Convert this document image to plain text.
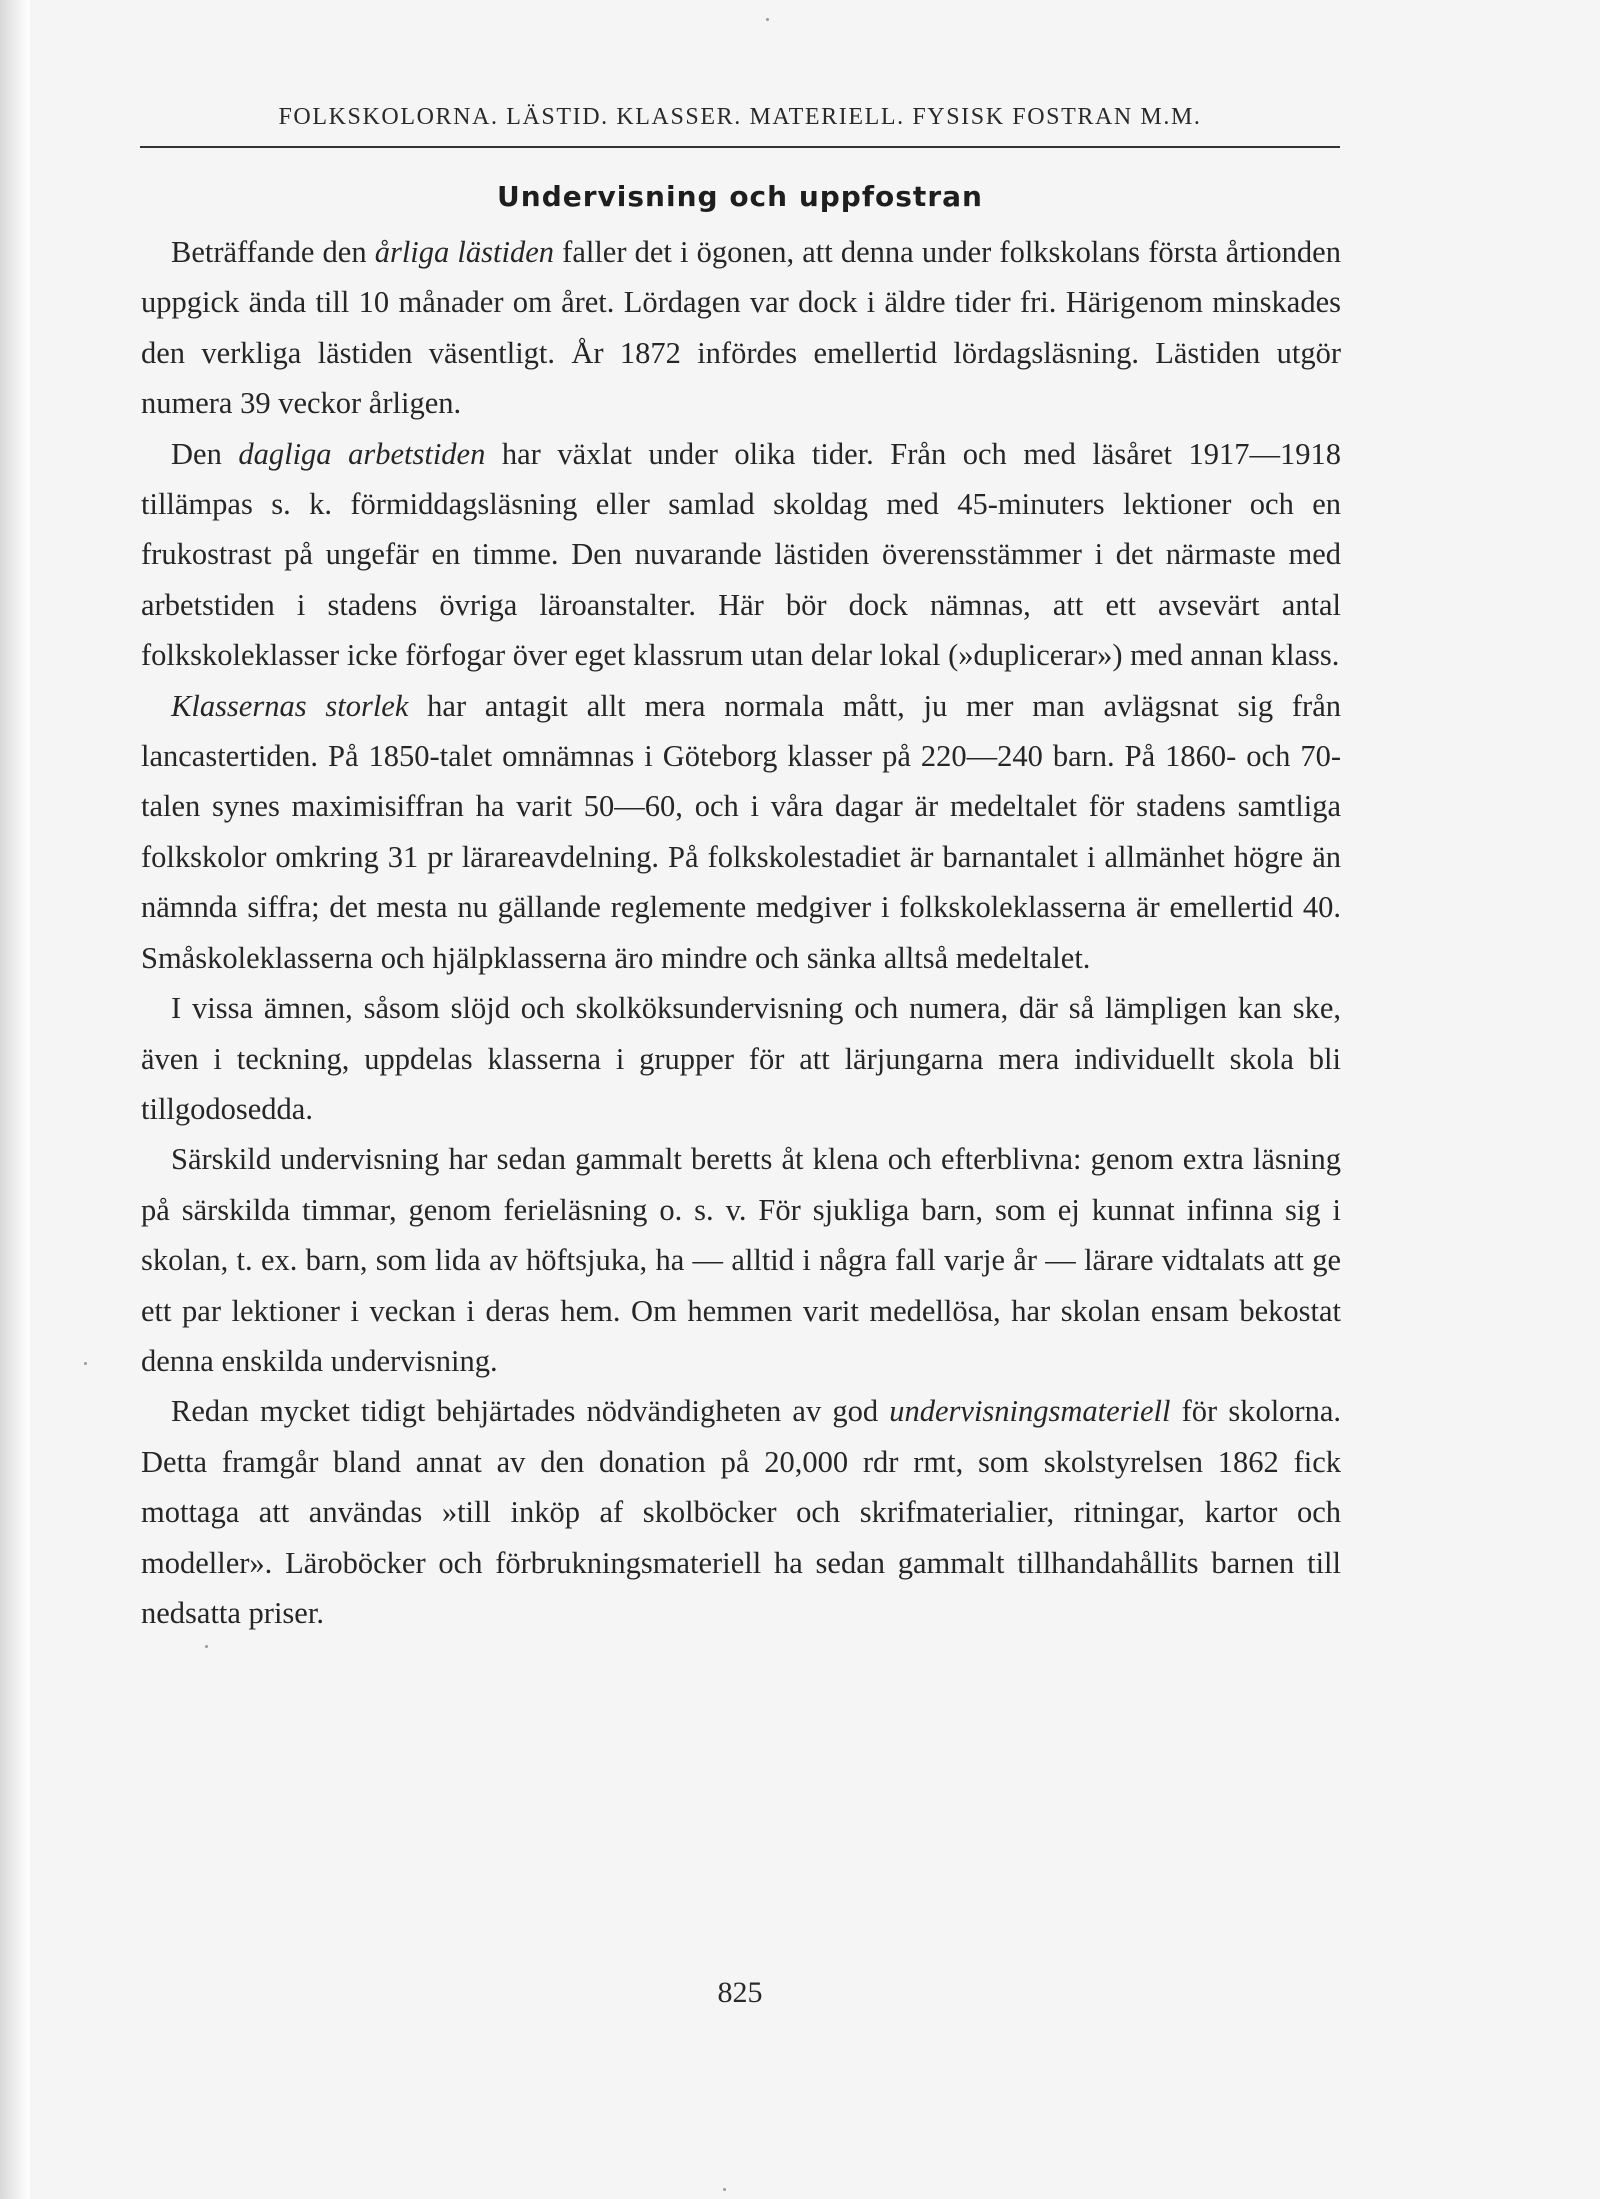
FOLKSKOLORNA. LÄSTID. KLASSER. MATERIELL. FYSISK FOSTRAN M.M.
Undervisning och uppfostran

Beträffande den årliga lästiden faller det i ögonen, att denna under folkskolans första årtionden uppgick ända till 10 månader om året. Lördagen var dock i äldre tider fri. Härigenom minskades den verkliga lästiden väsentligt. År 1872 infördes emellertid lördagsläsning. Lästiden utgör numera 39 veckor årligen.

Den dagliga arbetstiden har växlat under olika tider. Från och med läsåret 1917—1918 tillämpas s. k. förmiddagsläsning eller samlad skoldag med 45-minuters lektioner och en frukostrast på ungefär en timme. Den nuvarande lästiden överensstämmer i det närmaste med arbetstiden i stadens övriga läroanstalter. Här bör dock nämnas, att ett avsevärt antal folkskoleklasser icke förfogar över eget klassrum utan delar lokal (»duplicerar») med annan klass.

Klassernas storlek har antagit allt mera normala mått, ju mer man avlägsnat sig från lancastertiden. På 1850-talet omnämnas i Göteborg klasser på 220—240 barn. På 1860- och 70-talen synes maximisiffran ha varit 50—60, och i våra dagar är medeltalet för stadens samtliga folkskolor omkring 31 pr lärareavdelning. På folkskolestadiet är barnantalet i allmänhet högre än nämnda siffra; det mesta nu gällande reglemente medgiver i folkskoleklasserna är emellertid 40. Småskoleklasserna och hjälpklasserna äro mindre och sänka alltså medeltalet.

I vissa ämnen, såsom slöjd och skolköksundervisning och numera, där så lämpligen kan ske, även i teckning, uppdelas klasserna i grupper för att lärjungarna mera individuellt skola bli tillgodosedda.

Särskild undervisning har sedan gammalt beretts åt klena och efterblivna: genom extra läsning på särskilda timmar, genom ferieläsning o. s. v. För sjukliga barn, som ej kunnat infinna sig i skolan, t. ex. barn, som lida av höftsjuka, ha — alltid i några fall varje år — lärare vidtalats att ge ett par lektioner i veckan i deras hem. Om hemmen varit medellösa, har skolan ensam bekostat denna enskilda undervisning.

Redan mycket tidigt behjärtades nödvändigheten av god undervisningsmateriell för skolorna. Detta framgår bland annat av den donation på 20,000 rdr rmt, som skolstyrelsen 1862 fick mottaga att användas »till inköp af skolböcker och skrifmaterialier, ritningar, kartor och modeller». Läroböcker och förbrukningsmateriell ha sedan gammalt tillhandahållits barnen till nedsatta priser.

825
